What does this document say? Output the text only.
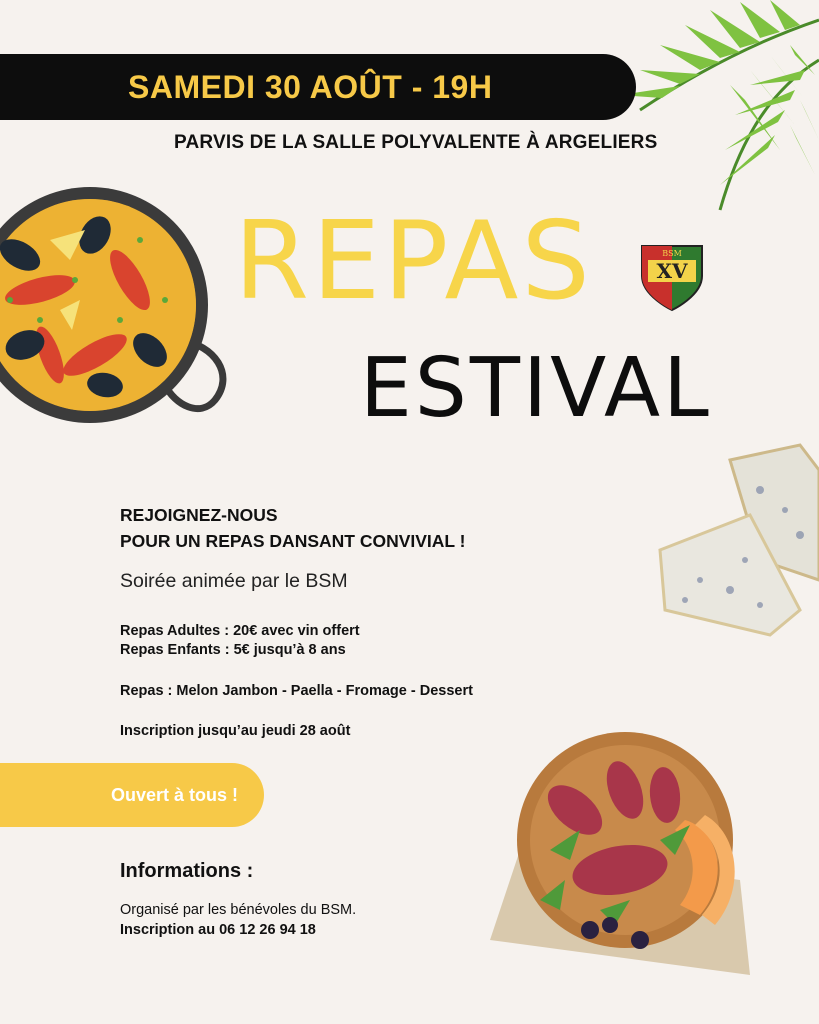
XV
BSM
SAMEDI 30 AOÛT - 19H
PARVIS DE LA SALLE POLYVALENTE À ARGELIERS
REPAS
ESTIVAL
REJOIGNEZ-NOUS
POUR UN REPAS DANSANT CONVIVIAL !
Soirée animée par le BSM
Repas Adultes : 20€ avec vin offert
Repas Enfants : 5€ jusqu’à 8 ans
Repas : Melon Jambon - Paella - Fromage - Dessert
Inscription jusqu’au jeudi 28 août
Ouvert à tous !
Informations :
Organisé par les bénévoles du BSM.
Inscription au 06 12 26 94 18
